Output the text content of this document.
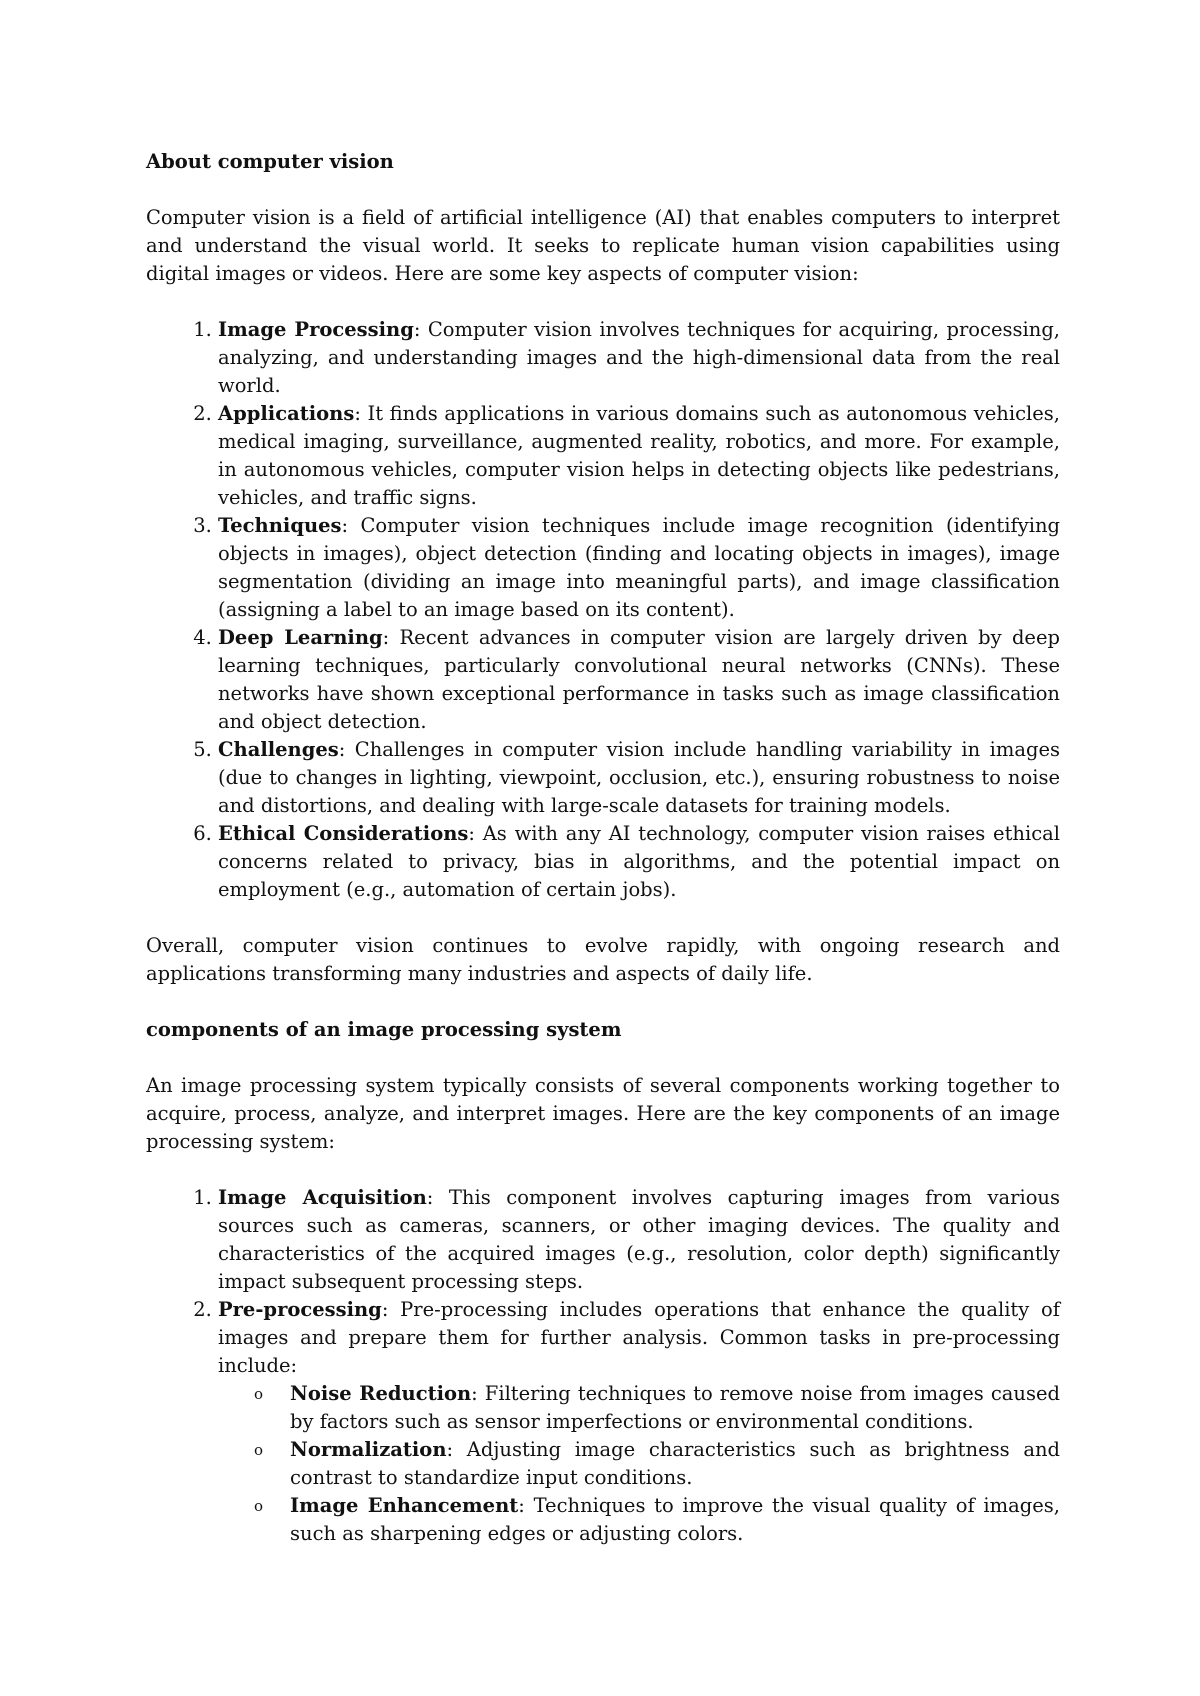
About computer vision

Computer vision is a field of artificial intelligence (AI) that enables computers to interpret and understand the visual world. It seeks to replicate human vision capabilities using digital images or videos. Here are some key aspects of computer vision:

1. Image Processing: Computer vision involves techniques for acquiring, processing, analyzing, and understanding images and the high-dimensional data from the real world.
2. Applications: It finds applications in various domains such as autonomous vehicles, medical imaging, surveillance, augmented reality, robotics, and more. For example, in autonomous vehicles, computer vision helps in detecting objects like pedestrians, vehicles, and traffic signs.
3. Techniques: Computer vision techniques include image recognition (identifying objects in images), object detection (finding and locating objects in images), image segmentation (dividing an image into meaningful parts), and image classification (assigning a label to an image based on its content).
4. Deep Learning: Recent advances in computer vision are largely driven by deep learning techniques, particularly convolutional neural networks (CNNs). These networks have shown exceptional performance in tasks such as image classification and object detection.
5. Challenges: Challenges in computer vision include handling variability in images (due to changes in lighting, viewpoint, occlusion, etc.), ensuring robustness to noise and distortions, and dealing with large-scale datasets for training models.
6. Ethical Considerations: As with any AI technology, computer vision raises ethical concerns related to privacy, bias in algorithms, and the potential impact on employment (e.g., automation of certain jobs).

Overall, computer vision continues to evolve rapidly, with ongoing research and applications transforming many industries and aspects of daily life.

components of an image processing system

An image processing system typically consists of several components working together to acquire, process, analyze, and interpret images. Here are the key components of an image processing system:

1. Image Acquisition: This component involves capturing images from various sources such as cameras, scanners, or other imaging devices. The quality and characteristics of the acquired images (e.g., resolution, color depth) significantly impact subsequent processing steps.
2. Pre-processing: Pre-processing includes operations that enhance the quality of images and prepare them for further analysis. Common tasks in pre-processing include:
o Noise Reduction: Filtering techniques to remove noise from images caused by factors such as sensor imperfections or environmental conditions.
o Normalization: Adjusting image characteristics such as brightness and contrast to standardize input conditions.
o Image Enhancement: Techniques to improve the visual quality of images, such as sharpening edges or adjusting colors.
